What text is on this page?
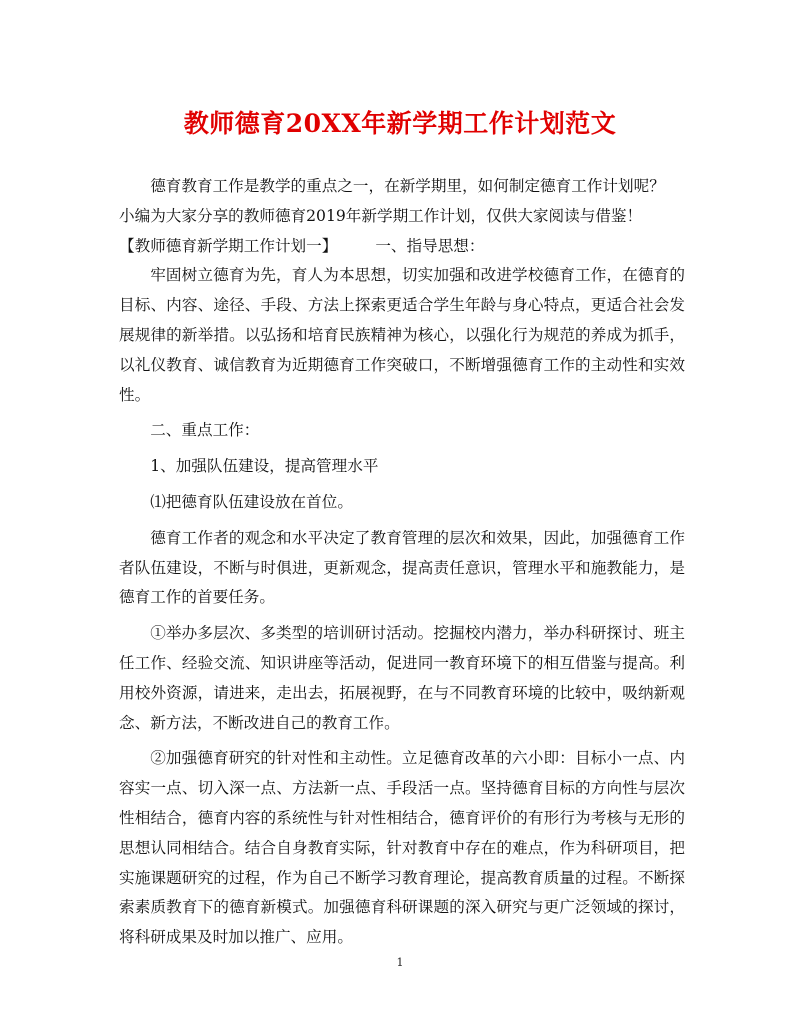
教师德育20XX年新学期工作计划范文

德育教育工作是教学的重点之一，在新学期里，如何制定德育工作计划呢？

小编为大家分享的教师德育2019年新学期工作计划，仅供大家阅读与借鉴！

【教师德育新学期工作计划一】 一、指导思想：

牢固树立德育为先，育人为本思想，切实加强和改进学校德育工作，在德育的目标、内容、途径、手段、方法上探索更适合学生年龄与身心特点，更适合社会发展规律的新举措。以弘扬和培育民族精神为核心，以强化行为规范的养成为抓手，以礼仪教育、诚信教育为近期德育工作突破口，不断增强德育工作的主动性和实效性。

二、重点工作：

1、加强队伍建设，提高管理水平

⑴把德育队伍建设放在首位。

德育工作者的观念和水平决定了教育管理的层次和效果，因此，加强德育工作者队伍建设，不断与时俱进，更新观念，提高责任意识，管理水平和施教能力，是德育工作的首要任务。

①举办多层次、多类型的培训研讨活动。挖掘校内潜力，举办科研探讨、班主任工作、经验交流、知识讲座等活动，促进同一教育环境下的相互借鉴与提高。利用校外资源，请进来，走出去，拓展视野，在与不同教育环境的比较中，吸纳新观念、新方法，不断改进自己的教育工作。

②加强德育研究的针对性和主动性。立足德育改革的六小即：目标小一点、内容实一点、切入深一点、方法新一点、手段活一点。坚持德育目标的方向性与层次性相结合，德育内容的系统性与针对性相结合，德育评价的有形行为考核与无形的思想认同相结合。结合自身教育实际，针对教育中存在的难点，作为科研项目，把实施课题研究的过程，作为自己不断学习教育理论，提高教育质量的过程。不断探索素质教育下的德育新模式。加强德育科研课题的深入研究与更广泛领域的探讨，将科研成果及时加以推广、应用。

1
